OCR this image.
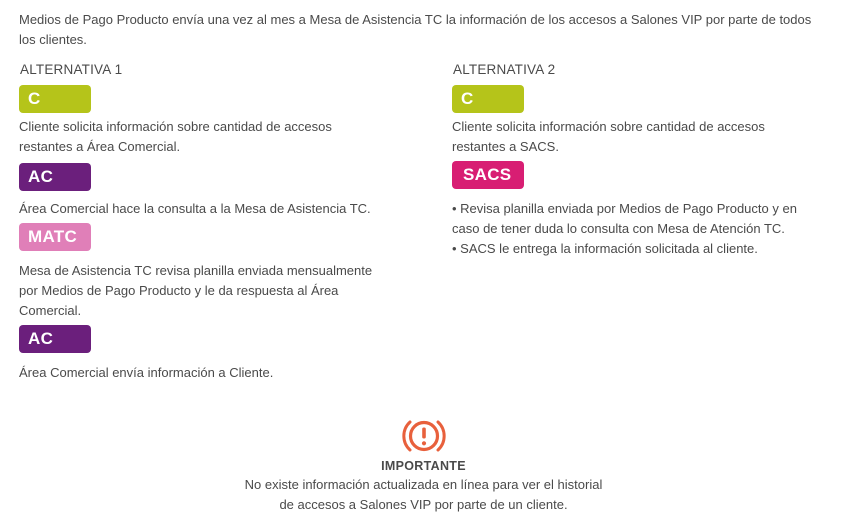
Medios de Pago Producto envía una vez al mes a Mesa de Asistencia TC la información de los accesos a Salones VIP por parte de todos
los clientes.
ALTERNATIVA 1
C
Cliente solicita información sobre cantidad de accesos
restantes a Área Comercial.
AC
Área Comercial hace la consulta a la Mesa de Asistencia TC.
MATC
Mesa de Asistencia TC revisa planilla enviada mensualmente
por Medios de Pago Producto y le da respuesta al Área
Comercial.
AC
Área Comercial envía información a Cliente.
ALTERNATIVA 2
C
Cliente solicita información sobre cantidad de accesos
restantes a SACS.
SACS
• Revisa planilla enviada por Medios de Pago Producto y en
caso de tener duda lo consulta con Mesa de Atención TC.
• SACS le entrega la información solicitada al cliente.
IMPORTANTE
No existe información actualizada en línea para ver el historial
de accesos a Salones VIP por parte de un cliente.
